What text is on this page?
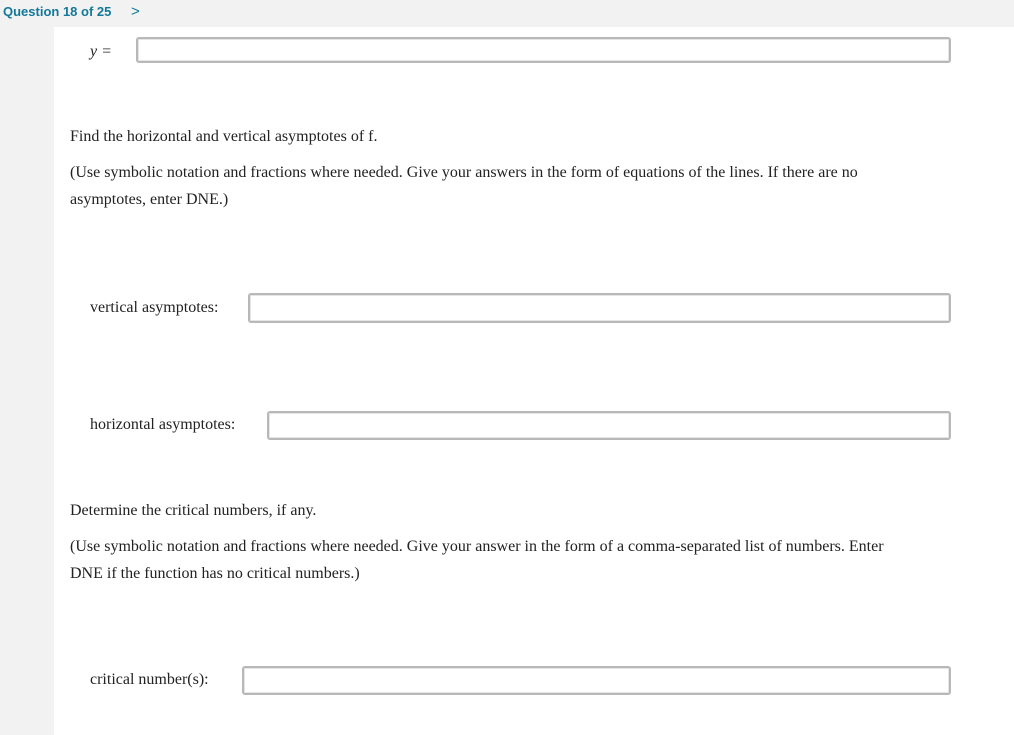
Question 18 of 25 >
y =
Find the horizontal and vertical asymptotes of f.
(Use symbolic notation and fractions where needed. Give your answers in the form of equations of the lines. If there are no
asymptotes, enter DNE.)
vertical asymptotes:
horizontal asymptotes:
Determine the critical numbers, if any.
(Use symbolic notation and fractions where needed. Give your answer in the form of a comma-separated list of numbers. Enter
DNE if the function has no critical numbers.)
critical number(s):
